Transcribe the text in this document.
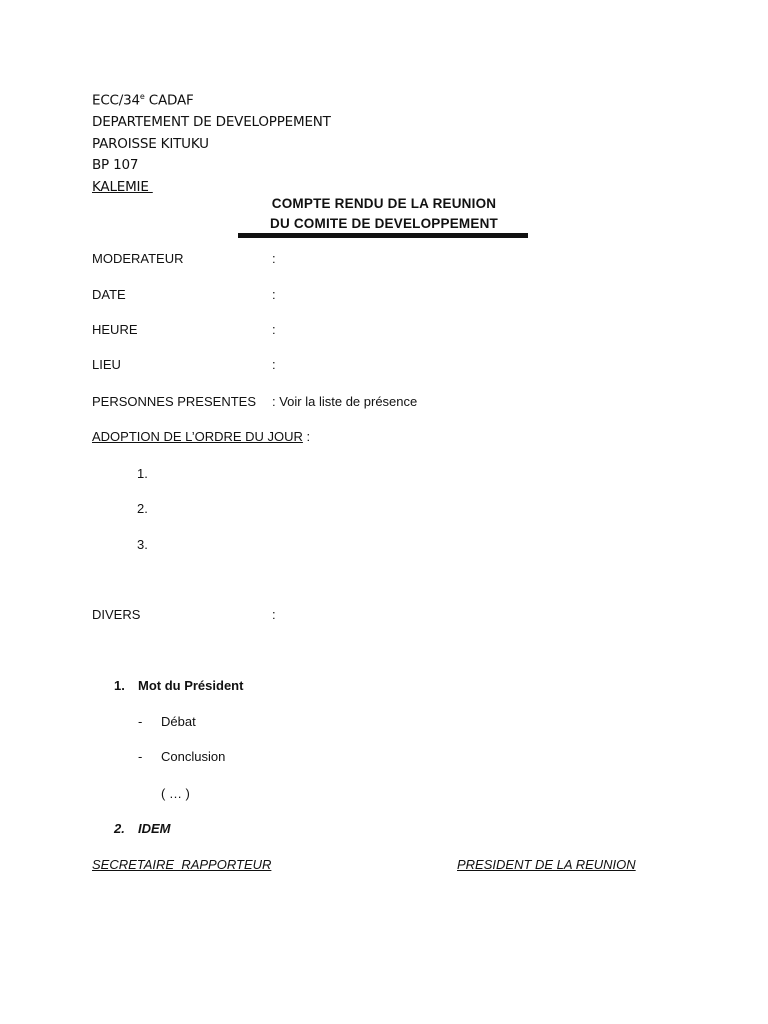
ECC/34e CADAF
DEPARTEMENT DE DEVELOPPEMENT
PAROISSE KITUKU
BP 107
KALEMIE
COMPTE RENDU DE LA REUNION
DU COMITE DE DEVELOPPEMENT
MODERATEUR	:
DATE	:
HEURE	:
LIEU	:
PERSONNES PRESENTES : Voir la liste de présence
ADOPTION DE L’ORDRE DU JOUR :
1.
2.
3.
DIVERS	:
1. Mot du Président
- Débat
- Conclusion
( … )
2. IDEM
SECRETAIRE  RAPPORTEUR	PRESIDENT DE LA REUNION
